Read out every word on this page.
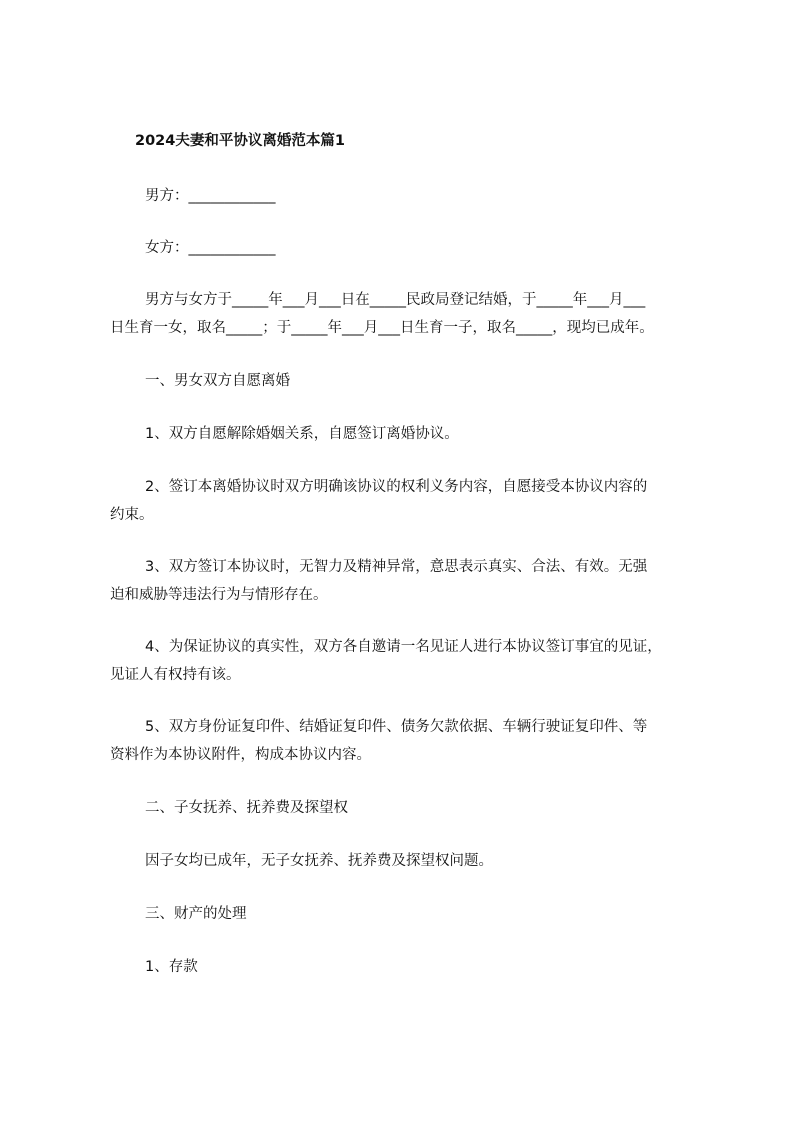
2024夫妻和平协议离婚范本篇1
男方：____________
女方：____________
男方与女方于_____年___月___日在_____民政局登记结婚，于_____年___月___
日生育一女，取名_____；于_____年___月___日生育一子，取名_____，现均已成年。
一、男女双方自愿离婚
1、双方自愿解除婚姻关系，自愿签订离婚协议。
2、签订本离婚协议时双方明确该协议的权利义务内容，自愿接受本协议内容的
约束。
3、双方签订本协议时，无智力及精神异常，意思表示真实、合法、有效。无强
迫和威胁等违法行为与情形存在。
4、为保证协议的真实性，双方各自邀请一名见证人进行本协议签订事宜的见证，
见证人有权持有该。
5、双方身份证复印件、结婚证复印件、债务欠款依据、车辆行驶证复印件、等
资料作为本协议附件，构成本协议内容。
二、子女抚养、抚养费及探望权
因子女均已成年，无子女抚养、抚养费及探望权问题。
三、财产的处理
1、存款
